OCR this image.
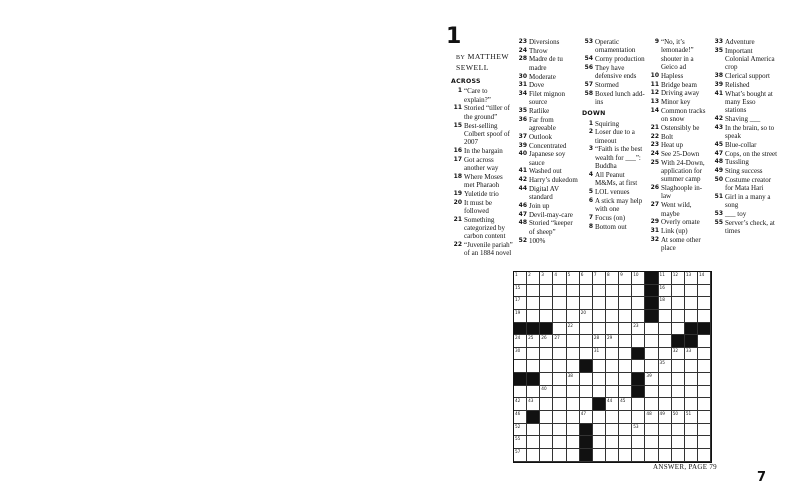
1
BY MATTHEW
SEWELL
ACROSS
1 “Care to explain?”
11 Storied “tiller of the ground”
15 Best-selling Colbert spoof of 2007
16 In the bargain
17 Got across another way
18 Where Moses met Pharaoh
19 Yuletide trio
20 It must be followed
21 Something categorized by carbon content
22 “Juvenile pariah” of an 1884 novel
23 Diversions
24 Throw
28 Madre de tu madre
30 Moderate
31 Dove
34 Filet mignon source
35 Ratlike
36 Far from agreeable
37 Outlook
39 Concentrated
40 Japanese soy sauce
41 Washed out
42 Harry’s dukedom
44 Digital AV standard
46 Join up
47 Devil-may-care
48 Storied “keeper of sheep”
52 100%
53 Operatic ornamentation
54 Corny production
56 They have defensive ends
57 Stormed
58 Boxed lunch add-ins
DOWN
1 Squiring
2 Loser due to a timeout
3 “Faith is the best wealth for ___”: Buddha
4 All Peanut M&Ms, at first
5 LOL venues
6 A stick may help with one
7 Focus (on)
8 Bottom out
9 “No, it’s lemonade!” shouter in a Geico ad
10 Hapless
11 Bridge beam
12 Driving away
13 Minor key
14 Common tracks on snow
21 Ostensibly be
22 Bolt
23 Heat up
24 See 25-Down
25 With 24-Down, application for summer camp
26 Slaghoople in-law
27 Went wild, maybe
29 Overly ornate
31 Link (up)
32 At some other place
33 Adventure
35 Important Colonial America crop
38 Clerical support
39 Relished
41 What’s bought at many Esso stations
42 Shaving ___
43 In the brain, so to speak
45 Blue-collar
47 Cops, on the street
48 Tussling
49 Sting success
50 Costume creator for Mata Hari
51 Girl in a many a song
53 ___ toy
55 Server’s check, at times
1 2 3 4 5 6 7 8 9 10	11 12 13 14
15	16
17	18
19	20
22	23
24 25 26 27	28 29
30	31	32 33
35
38	39
40
42 43	44 45
46	47	48 49 50 51
52	53
55
57
ANSWER, PAGE 79
7
